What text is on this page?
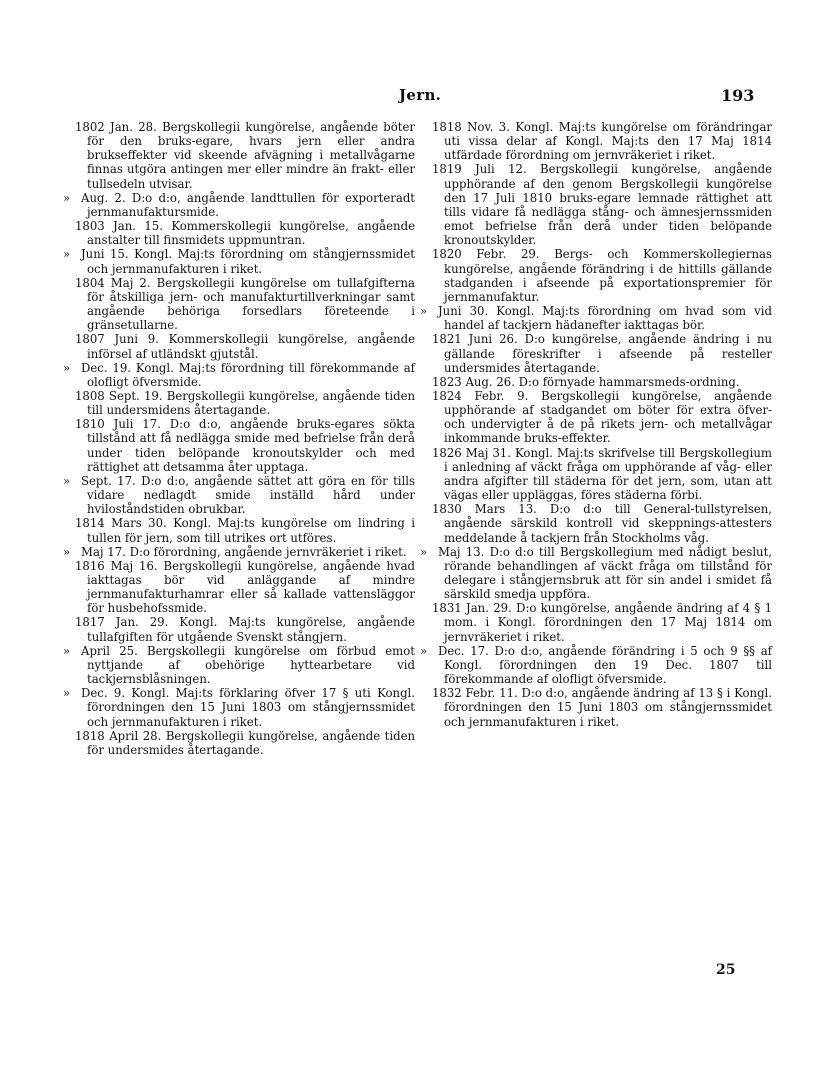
Jern.	193

1802 Jan. 28. Bergskollegii kungörelse, angående böter för den bruks-egare, hvars jern eller andra brukseffekter vid skeende afvägning i metallvågarne finnas utgöra antingen mer eller mindre än frakt- eller tullsedeln utvisar.

» Aug. 2. D:o d:o, angående landttullen för exporteradt jernmanufaktursmide.

1803 Jan. 15. Kommerskollegii kungörelse, angående anstalter till finsmidets uppmuntran.

» Juni 15. Kongl. Maj:ts förordning om stångjernssmidet och jernmanufakturen i riket.

1804 Maj 2. Bergskollegii kungörelse om tullafgifterna för åtskilliga jern- och manufakturtillverkningar samt angående behöriga forsedlars företeende i gränsetullarne.

1807 Juni 9. Kommerskollegii kungörelse, angående införsel af utländskt gjutstål.

» Dec. 19. Kongl. Maj:ts förordning till förekommande af olofligt öfversmide.

1808 Sept. 19. Bergskollegii kungörelse, angående tiden till undersmidens återtagande.

1810 Juli 17. D:o d:o, angående bruks-egares sökta tillstånd att få nedlägga smide med befrielse från derå under tiden belöpande kronoutskylder och med rättighet att detsamma åter upptaga.

» Sept. 17. D:o d:o, angående sättet att göra en för tills vidare nedlagdt smide inställd hård under hviloståndstiden obrukbar.

1814 Mars 30. Kongl. Maj:ts kungörelse om lindring i tullen för jern, som till utrikes ort utföres.

» Maj 17. D:o förordning, angående jernvräkeriet i riket.

1816 Maj 16. Bergskollegii kungörelse, angående hvad iakttagas bör vid anläggande af mindre jernmanufakturhamrar eller så kallade vattensläggor för husbehofssmide.

1817 Jan. 29. Kongl. Maj:ts kungörelse, angående tullafgiften för utgående Svenskt stångjern.

» April 25. Bergskollegii kungörelse om förbud emot nyttjande af obehörige hyttearbetare vid tackjernsblåsningen.

» Dec. 9. Kongl. Maj:ts förklaring öfver 17 § uti Kongl. förordningen den 15 Juni 1803 om stångjernssmidet och jernmanufakturen i riket.

1818 April 28. Bergskollegii kungörelse, angående tiden för undersmides återtagande.

1818 Nov. 3. Kongl. Maj:ts kungörelse om förändringar uti vissa delar af Kongl. Maj:ts den 17 Maj 1814 utfärdade förordning om jernvräkeriet i riket.

1819 Juli 12. Bergskollegii kungörelse, angående upphörande af den genom Bergskollegii kungörelse den 17 Juli 1810 bruks-egare lemnade rättighet att tills vidare få nedlägga stång- och ämnesjernssmiden emot befrielse från derå under tiden belöpande kronoutskylder.

1820 Febr. 29. Bergs- och Kommerskollegiernas kungörelse, angående förändring i de hittills gällande stadganden i afseende på exportationspremier för jernmanufaktur.

» Juni 30. Kongl. Maj:ts förordning om hvad som vid handel af tackjern hädanefter iakttagas bör.

1821 Juni 26. D:o kungörelse, angående ändring i nu gällande föreskrifter i afseende på resteller undersmides återtagande.

1823 Aug. 26. D:o förnyade hammarsmeds-ordning.

1824 Febr. 9. Bergskollegii kungörelse, angående upphörande af stadgandet om böter för extra öfver- och undervigter å de på rikets jern- och metallvågar inkommande bruks-effekter.

1826 Maj 31. Kongl. Maj:ts skrifvelse till Bergskollegium i anledning af väckt fråga om upphörande af våg- eller andra afgifter till städerna för det jern, som, utan att vägas eller uppläggas, föres städerna förbi.

1830 Mars 13. D:o d:o till General-tullstyrelsen, angående särskild kontroll vid skeppnings-attesters meddelande å tackjern från Stockholms våg.

» Maj 13. D:o d:o till Bergskollegium med nådigt beslut, rörande behandlingen af väckt fråga om tillstånd för delegare i stångjernsbruk att för sin andel i smidet få särskild smedja uppföra.

1831 Jan. 29. D:o kungörelse, angående ändring af 4 § 1 mom. i Kongl. förordningen den 17 Maj 1814 om jernvräkeriet i riket.

» Dec. 17. D:o d:o, angående förändring i 5 och 9 §§ af Kongl. förordningen den 19 Dec. 1807 till förekommande af olofligt öfversmide.

1832 Febr. 11. D:o d:o, angående ändring af 13 § i Kongl. förordningen den 15 Juni 1803 om stångjernssmidet och jernmanufakturen i riket.

25
